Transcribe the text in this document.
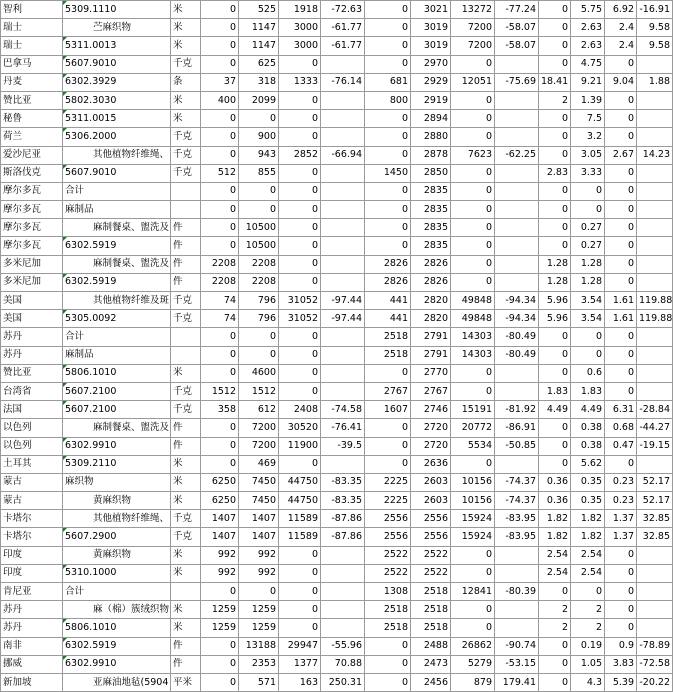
智利	5309.1110	米	0	525	1918	-72.63	0	3021	13272	-77.24	0	5.75	6.92	-16.91
瑞士	苎麻织物	米	0	1147	3000	-61.77	0	3019	7200	-58.07	0	2.63	2.4	9.58
瑞士	5311.0013	米	0	1147	3000	-61.77	0	3019	7200	-58.07	0	2.63	2.4	9.58
巴拿马	5607.9010	千克	0	625	0		0	2970	0		0	4.75	0	
丹麦	6302.3929	条	37	318	1333	-76.14	681	2929	12051	-75.69	18.41	9.21	9.04	1.88
赞比亚	5802.3030	米	400	2099	0		800	2919	0		2	1.39	0	
秘鲁	5311.0015	米	0	0	0		0	2894	0		0	7.5	0	
荷兰	5306.2000	千克	0	900	0		0	2880	0		0	3.2	0	
爱沙尼亚	其他植物纤维绳、	千克	0	943	2852	-66.94	0	2878	7623	-62.25	0	3.05	2.67	14.23
斯洛伐克	5607.9010	千克	512	855	0		1450	2850	0		2.83	3.33	0	
摩尔多瓦	合计		0	0	0		0	2835	0		0	0	0	
摩尔多瓦	麻制品		0	0	0		0	2835	0		0	0	0	
摩尔多瓦	麻制餐桌、盥洗及	件	0	10500	0		0	2835	0		0	0.27	0	
摩尔多瓦	6302.5919	件	0	10500	0		0	2835	0		0	0.27	0	
多米尼加	麻制餐桌、盥洗及	件	2208	2208	0		2826	2826	0		1.28	1.28	0	
多米尼加	6302.5919	件	2208	2208	0		2826	2826	0		1.28	1.28	0	
美国	其他植物纤维及斑	千克	74	796	31052	-97.44	441	2820	49848	-94.34	5.96	3.54	1.61	119.88
美国	5305.0092	千克	74	796	31052	-97.44	441	2820	49848	-94.34	5.96	3.54	1.61	119.88
苏丹	合计		0	0	0		2518	2791	14303	-80.49	0	0	0	
苏丹	麻制品		0	0	0		2518	2791	14303	-80.49	0	0	0	
赞比亚	5806.1010	米	0	4600	0		0	2770	0		0	0.6	0	
台湾省	5607.2100	千克	1512	1512	0		2767	2767	0		1.83	1.83	0	
法国	5607.2100	千克	358	612	2408	-74.58	1607	2746	15191	-81.92	4.49	4.49	6.31	-28.84
以色列	麻制餐桌、盥洗及	件	0	7200	30520	-76.41	0	2720	20772	-86.91	0	0.38	0.68	-44.27
以色列	6302.9910	件	0	7200	11900	-39.5	0	2720	5534	-50.85	0	0.38	0.47	-19.15
土耳其	5309.2110	米	0	469	0		0	2636	0		0	5.62	0	
蒙古	麻织物	米	6250	7450	44750	-83.35	2225	2603	10156	-74.37	0.36	0.35	0.23	52.17
蒙古	黄麻织物	米	6250	7450	44750	-83.35	2225	2603	10156	-74.37	0.36	0.35	0.23	52.17
卡塔尔	其他植物纤维绳、	千克	1407	1407	11589	-87.86	2556	2556	15924	-83.95	1.82	1.82	1.37	32.85
卡塔尔	5607.2900	千克	1407	1407	11589	-87.86	2556	2556	15924	-83.95	1.82	1.82	1.37	32.85
印度	黄麻织物	米	992	992	0		2522	2522	0		2.54	2.54	0	
印度	5310.1000	米	992	992	0		2522	2522	0		2.54	2.54	0	
肯尼亚	合计		0	0	0		1308	2518	12841	-80.39	0	0	0	
苏丹	麻（棉）簇绒织物	米	1259	1259	0		2518	2518	0		2	2	0	
苏丹	5806.1010	米	1259	1259	0		2518	2518	0		2	2	0	
南非	6302.5919	件	0	13188	29947	-55.96	0	2488	26862	-90.74	0	0.19	0.9	-78.89
挪威	6302.9910	件	0	2353	1377	70.88	0	2473	5279	-53.15	0	1.05	3.83	-72.58
新加坡	亚麻油地毡(5904	平米	0	571	163	250.31	0	2456	879	179.41	0	4.3	5.39	-20.22
